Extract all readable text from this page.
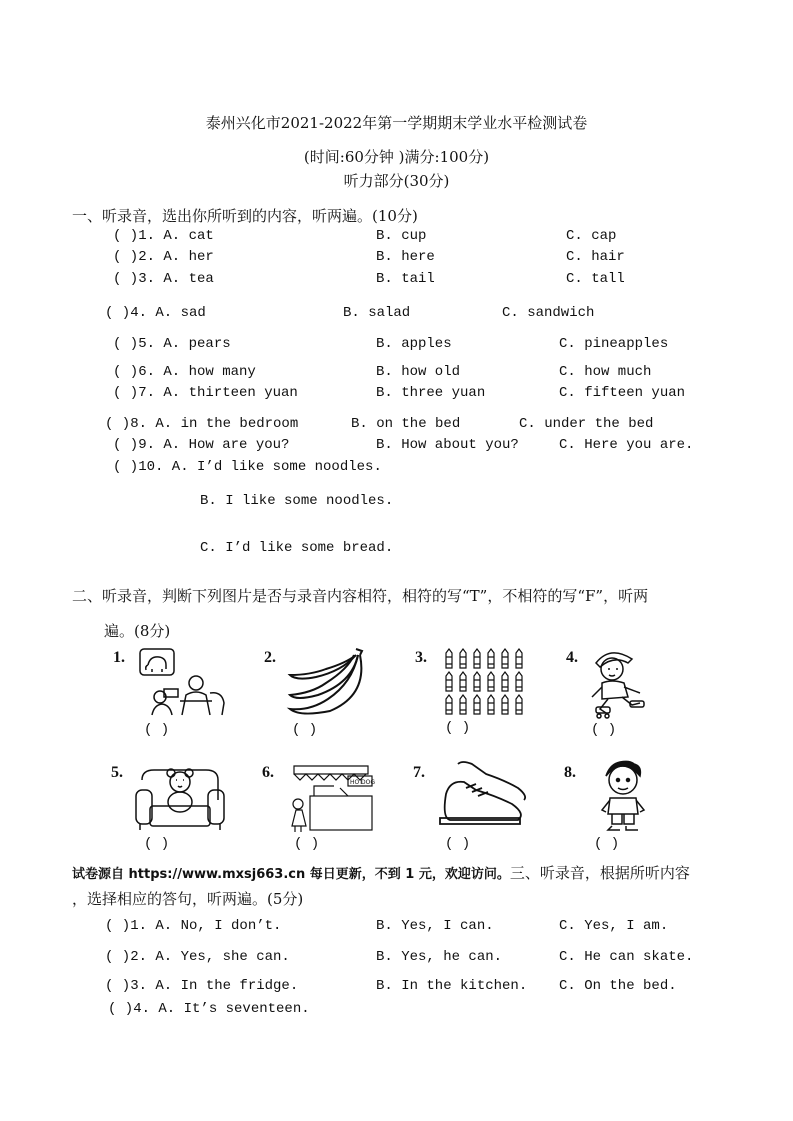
泰州兴化市2021-2022年第一学期期末学业水平检测试卷
(时间:60分钟 )满分:100分)
听力部分(30分)
一、听录音，选出你所听到的内容，听两遍。(10分)
( )1. A. cat	B. cup	C. cap
( )2. A. her	B. here	C. hair
( )3. A. tea	B. tail	C. tall
( )4. A. sad	B. salad	C. sandwich
( )5. A. pears	B. apples	C. pineapples
( )6. A. how many	B. how old	C. how much
( )7. A. thirteen yuan	B. three yuan	C. fifteen yuan
( )8. A. in the bedroom	B. on the bed	C. under the bed
( )9. A. How are you?	B. How about you?	C. Here you are.
( )10. A. I’d like some noodles.
B. I like some noodles.
C. I’d like some bread.
二、听录音，判断下列图片是否与录音内容相符，相符的写“T”，不相符的写“F”，听两
遍。(8分)
1.
( )
2.
( )
3.
( )
4.
( )
5.
( )
6.
HOT
DOG
( )
7.
( )
8.
( )
试卷源自 https://www.mxsj663.cn 每日更新，不到 1 元，欢迎访问。三、听录音，根据所听内容
，选择相应的答句，听两遍。(5分)
( )1. A. No, I don’t.	B. Yes, I can.	C. Yes, I am.
( )2. A. Yes, she can.	B. Yes, he can.	C. He can skate.
( )3. A. In the fridge.	B. In the kitchen. C. On the bed.
( )4. A. It’s seventeen.
